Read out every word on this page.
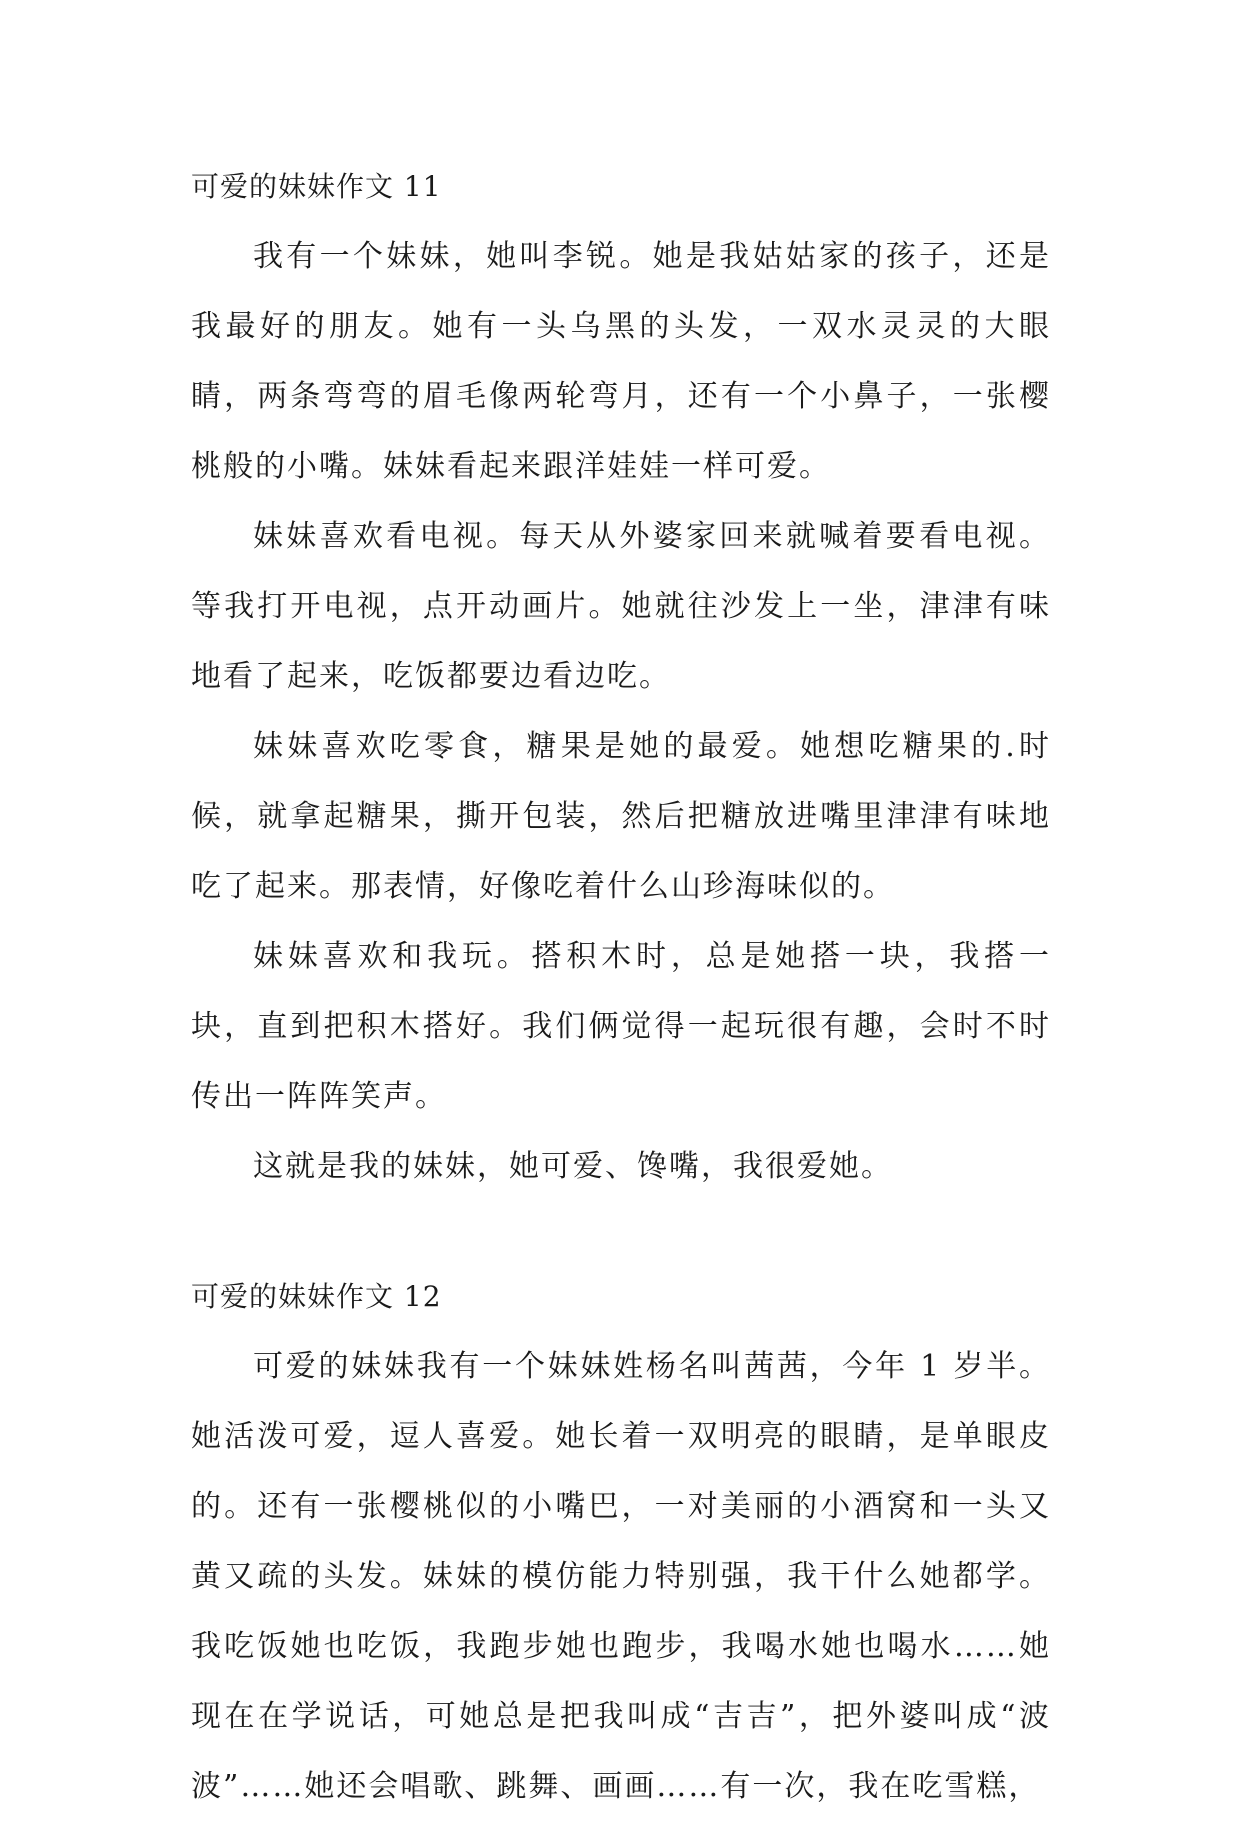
可爱的妹妹作文 11

我有一个妹妹，她叫李锐。她是我姑姑家的孩子，还是我最好的朋友。她有一头乌黑的头发，一双水灵灵的大眼睛，两条弯弯的眉毛像两轮弯月，还有一个小鼻子，一张樱桃般的小嘴。妹妹看起来跟洋娃娃一样可爱。

妹妹喜欢看电视。每天从外婆家回来就喊着要看电视。等我打开电视，点开动画片。她就往沙发上一坐，津津有味地看了起来，吃饭都要边看边吃。

妹妹喜欢吃零食，糖果是她的最爱。她想吃糖果的.时候，就拿起糖果，撕开包装，然后把糖放进嘴里津津有味地吃了起来。那表情，好像吃着什么山珍海味似的。

妹妹喜欢和我玩。搭积木时，总是她搭一块，我搭一块，直到把积木搭好。我们俩觉得一起玩很有趣，会时不时传出一阵阵笑声。

这就是我的妹妹，她可爱、馋嘴，我很爱她。

可爱的妹妹作文 12

可爱的妹妹我有一个妹妹姓杨名叫茜茜，今年 1 岁半。她活泼可爱，逗人喜爱。她长着一双明亮的眼睛，是单眼皮的。还有一张樱桃似的小嘴巴，一对美丽的小酒窝和一头又黄又疏的头发。妹妹的模仿能力特别强，我干什么她都学。我吃饭她也吃饭，我跑步她也跑步，我喝水她也喝水……她现在在学说话，可她总是把我叫成“吉吉”，把外婆叫成“波波”……她还会唱歌、跳舞、画画……有一次，我在吃雪糕，
